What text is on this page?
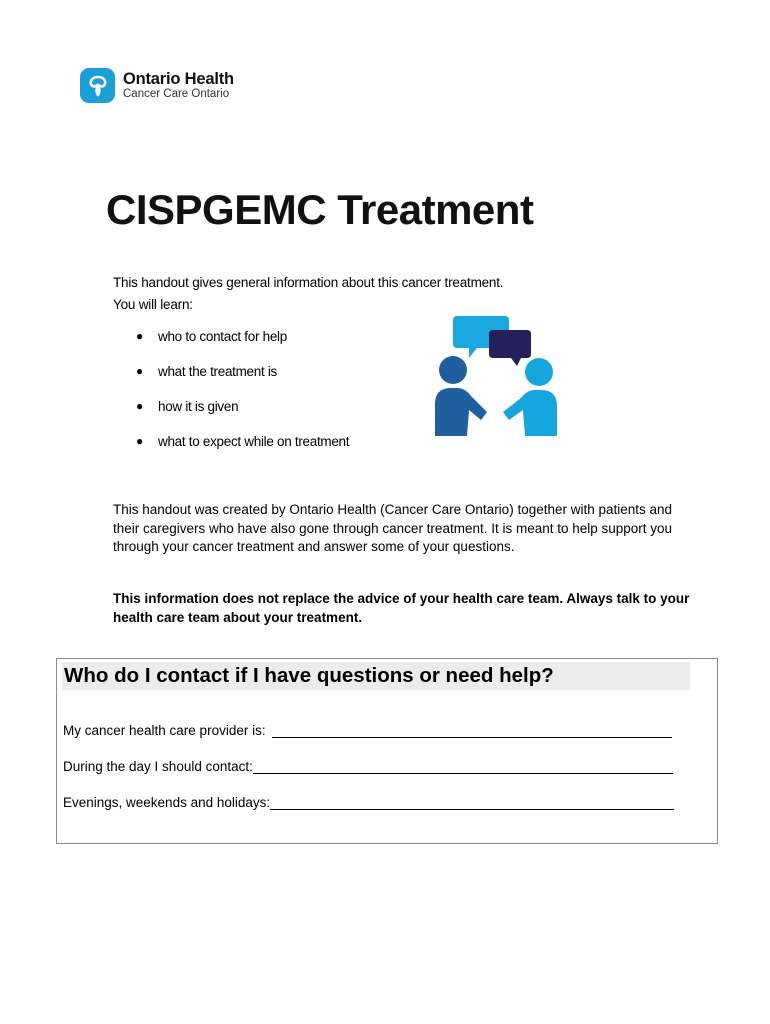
Ontario Health
Cancer Care Ontario
CISPGEMC Treatment
This handout gives general information about this cancer treatment.
You will learn:
●	who to contact for help
●	what the treatment is
●	how it is given
●	what to expect while on treatment

This handout was created by Ontario Health (Cancer Care Ontario) together with patients and their caregivers who have also gone through cancer treatment. It is meant to help support you through your cancer treatment and answer some of your questions.

This information does not replace the advice of your health care team. Always talk to your health care team about your treatment.

Who do I contact if I have questions or need help?
My cancer health care provider is:
During the day I should contact:
Evenings, weekends and holidays:
